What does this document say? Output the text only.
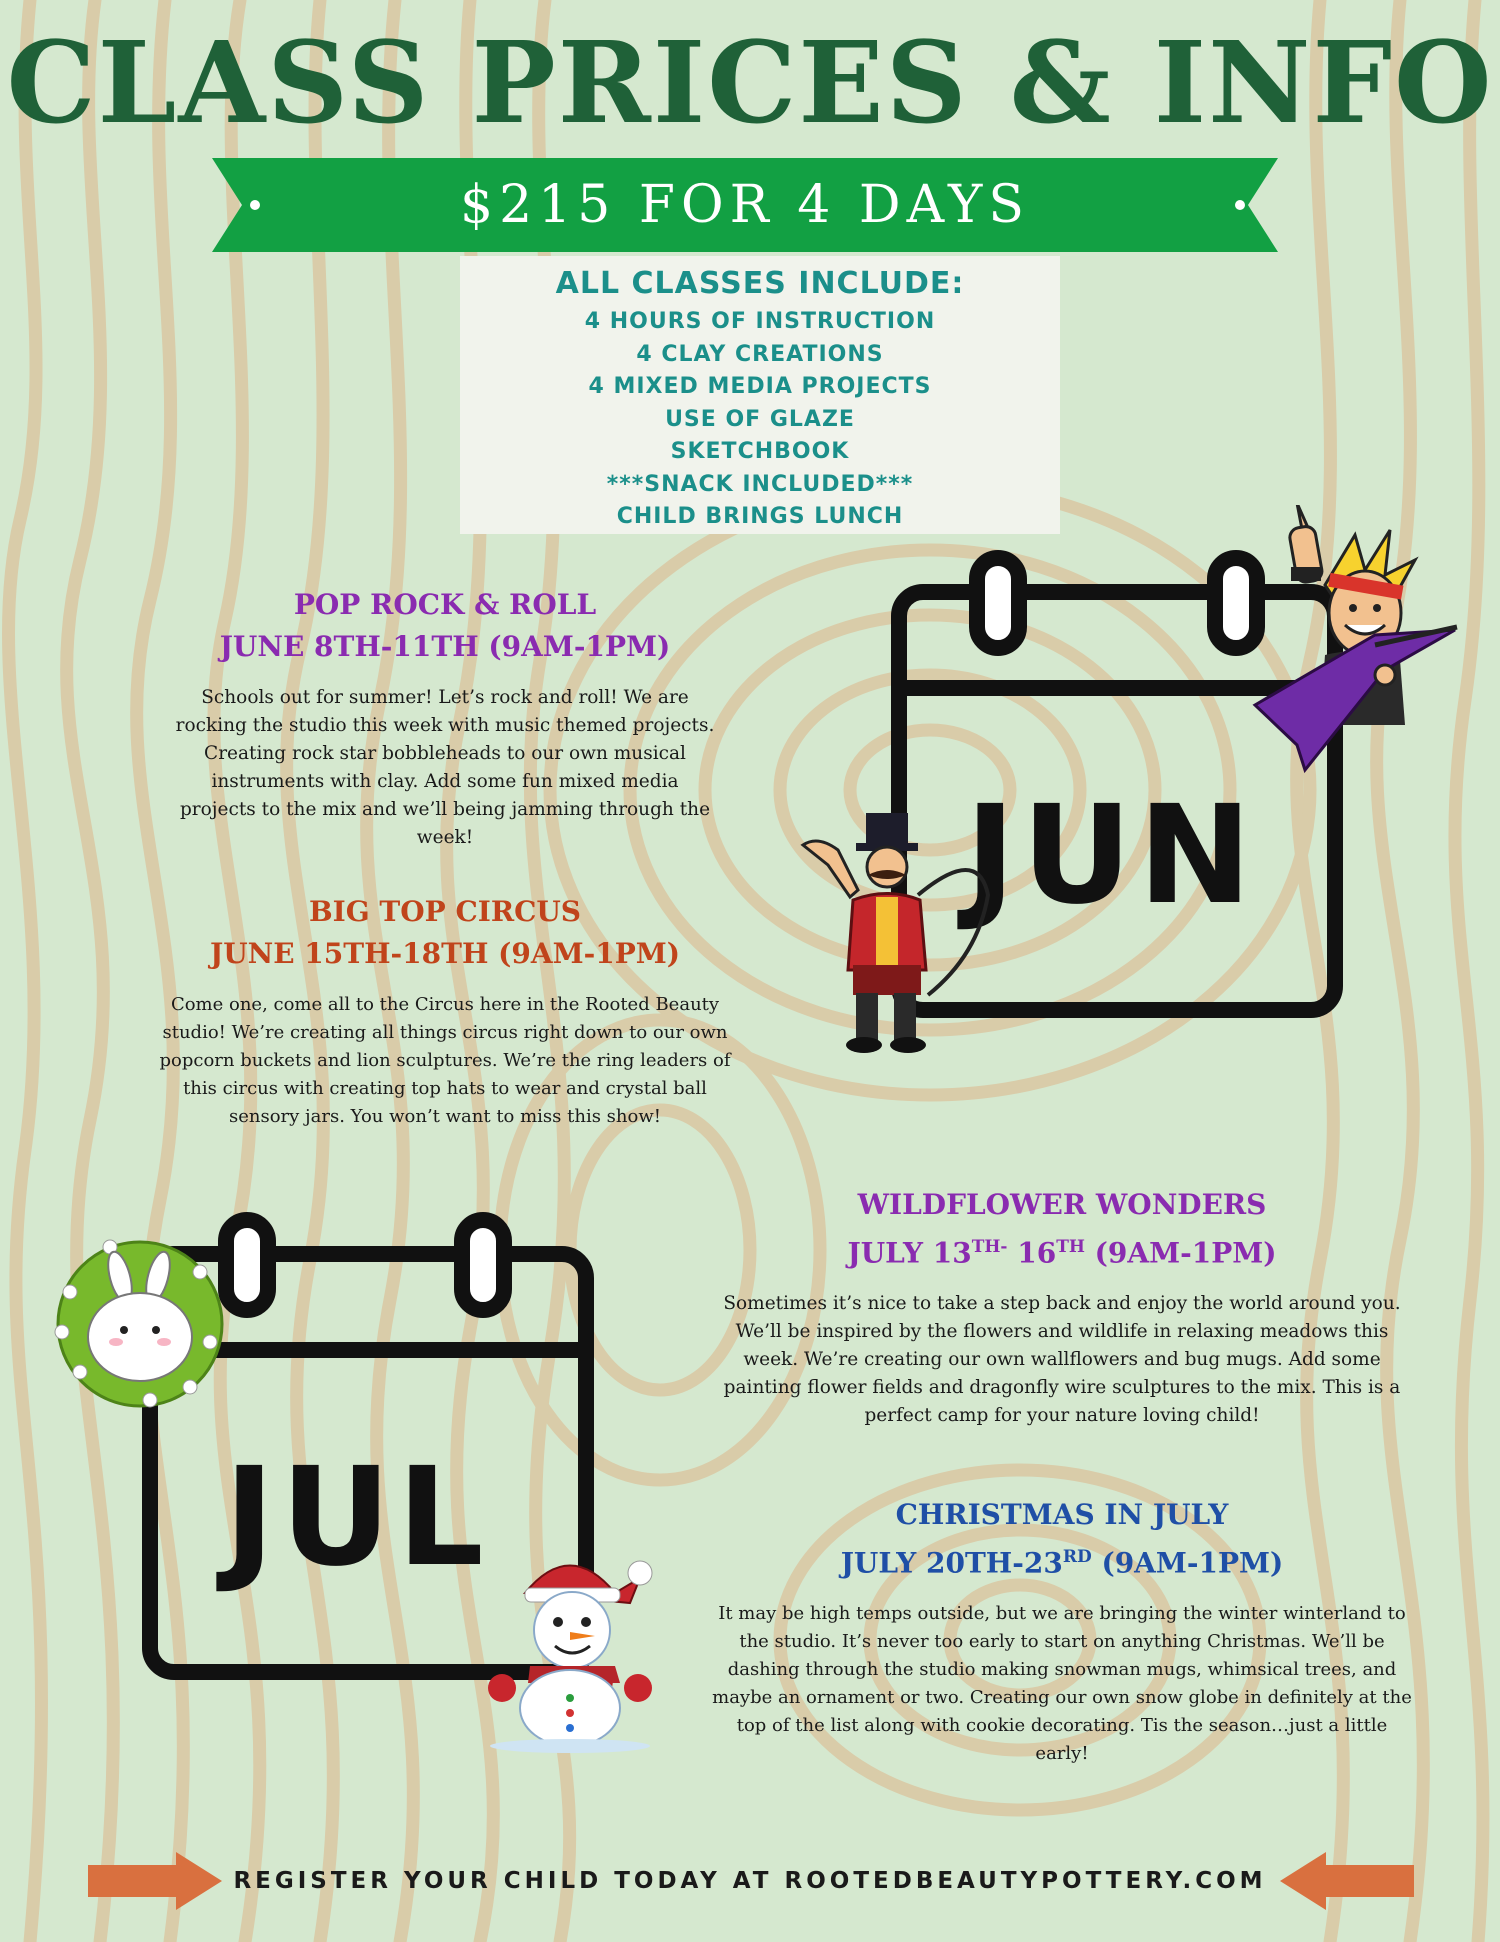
CLASS PRICES & INFO
$215 FOR 4 DAYS
ALL CLASSES INCLUDE:
4 HOURS OF INSTRUCTION
4 CLAY CREATIONS
4 MIXED MEDIA PROJECTS
USE OF GLAZE
SKETCHBOOK
***SNACK INCLUDED***
CHILD BRINGS LUNCH
POP ROCK & ROLL
JUNE 8TH-11TH (9AM-1PM)

Schools out for summer! Let’s rock and roll! We are rocking the studio this week with music themed projects. Creating rock star bobbleheads to our own musical instruments with clay. Add some fun mixed media projects to the mix and we’ll being jamming through the week!

BIG TOP CIRCUS
JUNE 15TH-18TH (9AM-1PM)

Come one, come all to the Circus here in the Rooted Beauty studio! We’re creating all things circus right down to our own popcorn buckets and lion sculptures. We’re the ring leaders of this circus with creating top hats to wear and crystal ball sensory jars. You won’t want to miss this show!

WILDFLOWER WONDERS
JULY $13^{TH-}$ 16TH (9AM-1PM)

Sometimes it’s nice to take a step back and enjoy the world around you. We’ll be inspired by the flowers and wildlife in relaxing meadows this week. We’re creating our own wallflowers and bug mugs. Add some painting flower fields and dragonfly wire sculptures to the mix. This is a perfect camp for your nature loving child!

CHRISTMAS IN JULY
JULY 20TH-23RD (9AM-1PM)

It may be high temps outside, but we are bringing the winter winterland to the studio. It’s never too early to start on anything Christmas. We’ll be dashing through the studio making snowman mugs, whimsical trees, and maybe an ornament or two. Creating our own snow globe in definitely at the top of the list along with cookie decorating. Tis the season…just a little early!

JUN
JUL
REGISTER YOUR CHILD TODAY AT ROOTEDBEAUTYPOTTERY.COM
